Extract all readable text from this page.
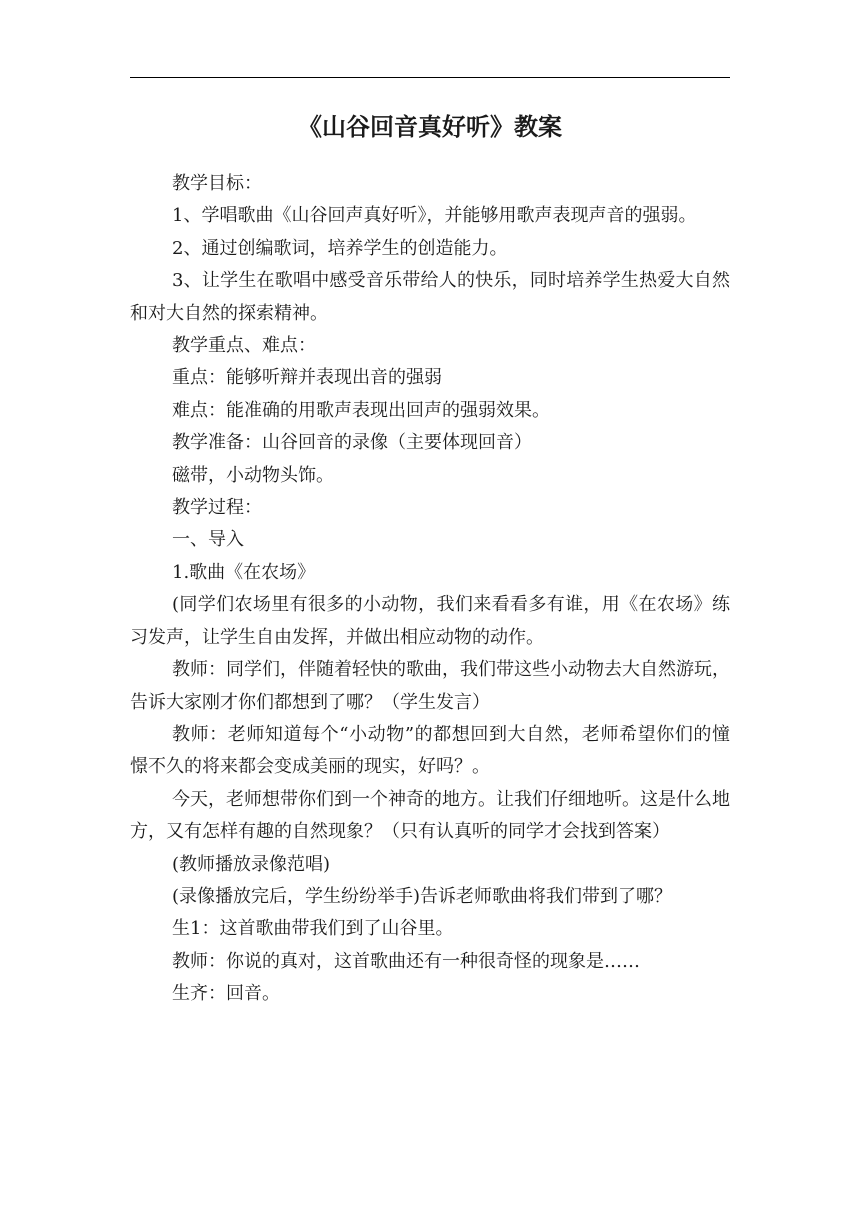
《山谷回音真好听》教案

教学目标：

1、学唱歌曲《山谷回声真好听》，并能够用歌声表现声音的强弱。

2、通过创编歌词，培养学生的创造能力。

3、让学生在歌唱中感受音乐带给人的快乐，同时培养学生热爱大自然和对大自然的探索精神。

教学重点、难点：

重点：能够听辩并表现出音的强弱

难点：能准确的用歌声表现出回声的强弱效果。

教学准备：山谷回音的录像（主要体现回音）

磁带，小动物头饰。

教学过程：

一、导入

1.歌曲《在农场》

(同学们农场里有很多的小动物，我们来看看多有谁，用《在农场》练习发声，让学生自由发挥，并做出相应动物的动作。

教师：同学们，伴随着轻快的歌曲，我们带这些小动物去大自然游玩，告诉大家刚才你们都想到了哪？（学生发言）

教师：老师知道每个“小动物”的都想回到大自然，老师希望你们的憧憬不久的将来都会变成美丽的现实，好吗？。

今天，老师想带你们到一个神奇的地方。让我们仔细地听。这是什么地方，又有怎样有趣的自然现象？（只有认真听的同学才会找到答案）

(教师播放录像范唱)

(录像播放完后，学生纷纷举手)告诉老师歌曲将我们带到了哪？

生1：这首歌曲带我们到了山谷里。

教师：你说的真对，这首歌曲还有一种很奇怪的现象是……

生齐：回音。
